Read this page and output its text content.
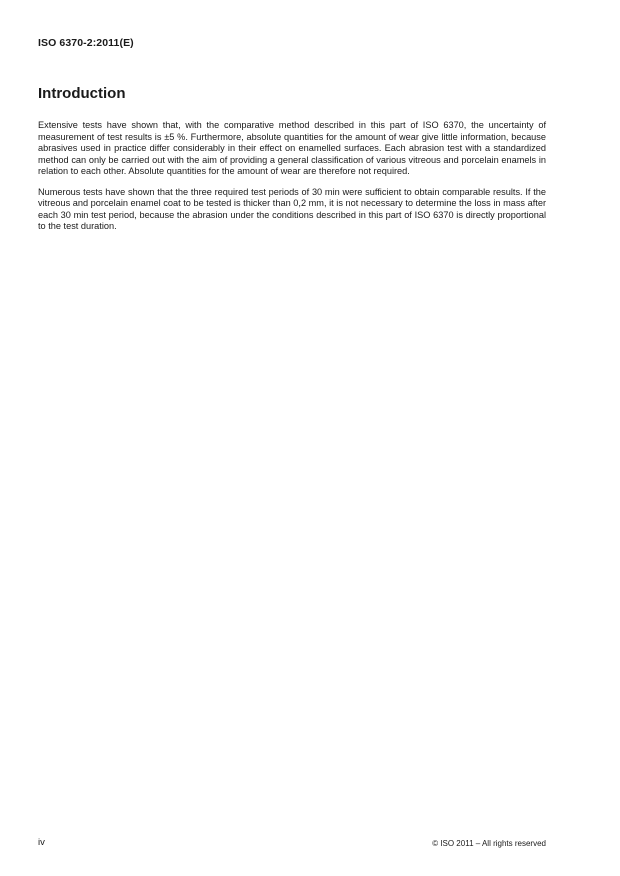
ISO 6370-2:2011(E)
Introduction

Extensive tests have shown that, with the comparative method described in this part of ISO 6370, the uncertainty of measurement of test results is ±5 %. Furthermore, absolute quantities for the amount of wear give little information, because abrasives used in practice differ considerably in their effect on enamelled surfaces. Each abrasion test with a standardized method can only be carried out with the aim of providing a general classification of various vitreous and porcelain enamels in relation to each other. Absolute quantities for the amount of wear are therefore not required.

Numerous tests have shown that the three required test periods of 30 min were sufficient to obtain comparable results. If the vitreous and porcelain enamel coat to be tested is thicker than 0,2 mm, it is not necessary to determine the loss in mass after each 30 min test period, because the abrasion under the conditions described in this part of ISO 6370 is directly proportional to the test duration.

iv	© ISO 2011 – All rights reserved
